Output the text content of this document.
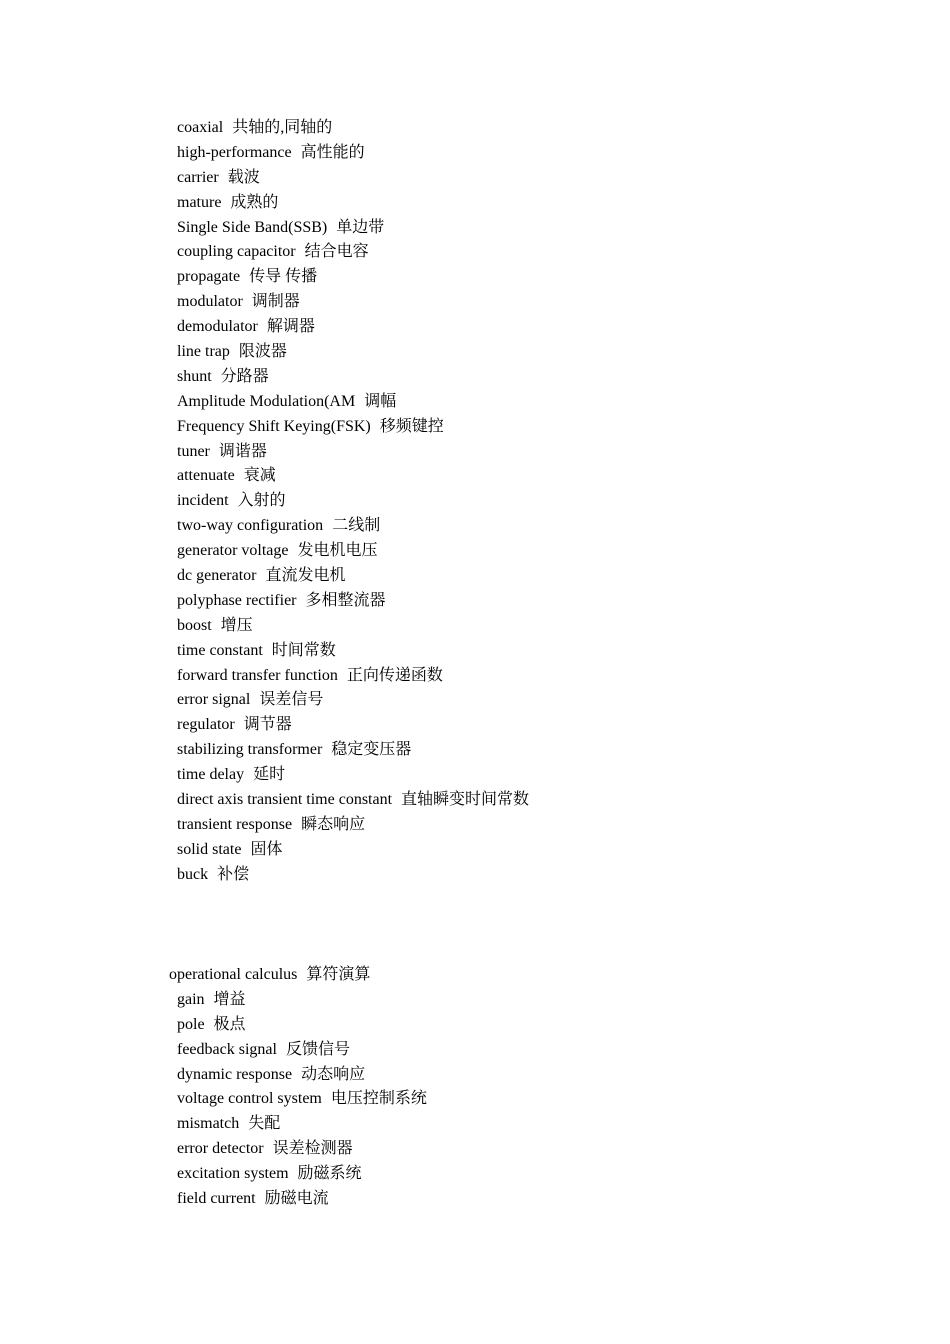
coaxial 共轴的,同轴的
high-performance 高性能的
carrier 载波
mature 成熟的
Single Side Band(SSB) 单边带
coupling capacitor 结合电容
propagate 传导 传播
modulator 调制器
demodulator 解调器
line trap 限波器
shunt 分路器
Amplitude Modulation(AM 调幅
Frequency Shift Keying(FSK) 移频键控
tuner 调谐器
attenuate 衰减
incident 入射的
two-way configuration 二线制
generator voltage 发电机电压
dc generator 直流发电机
polyphase rectifier 多相整流器
boost 增压
time constant 时间常数
forward transfer function 正向传递函数
error signal 误差信号
regulator 调节器
stabilizing transformer 稳定变压器
time delay 延时
direct axis transient time constant 直轴瞬变时间常数
transient response 瞬态响应
solid state 固体
buck 补偿
operational calculus 算符演算
gain 增益
pole 极点
feedback signal 反馈信号
dynamic response 动态响应
voltage control system 电压控制系统
mismatch 失配
error detector 误差检测器
excitation system 励磁系统
field current 励磁电流
